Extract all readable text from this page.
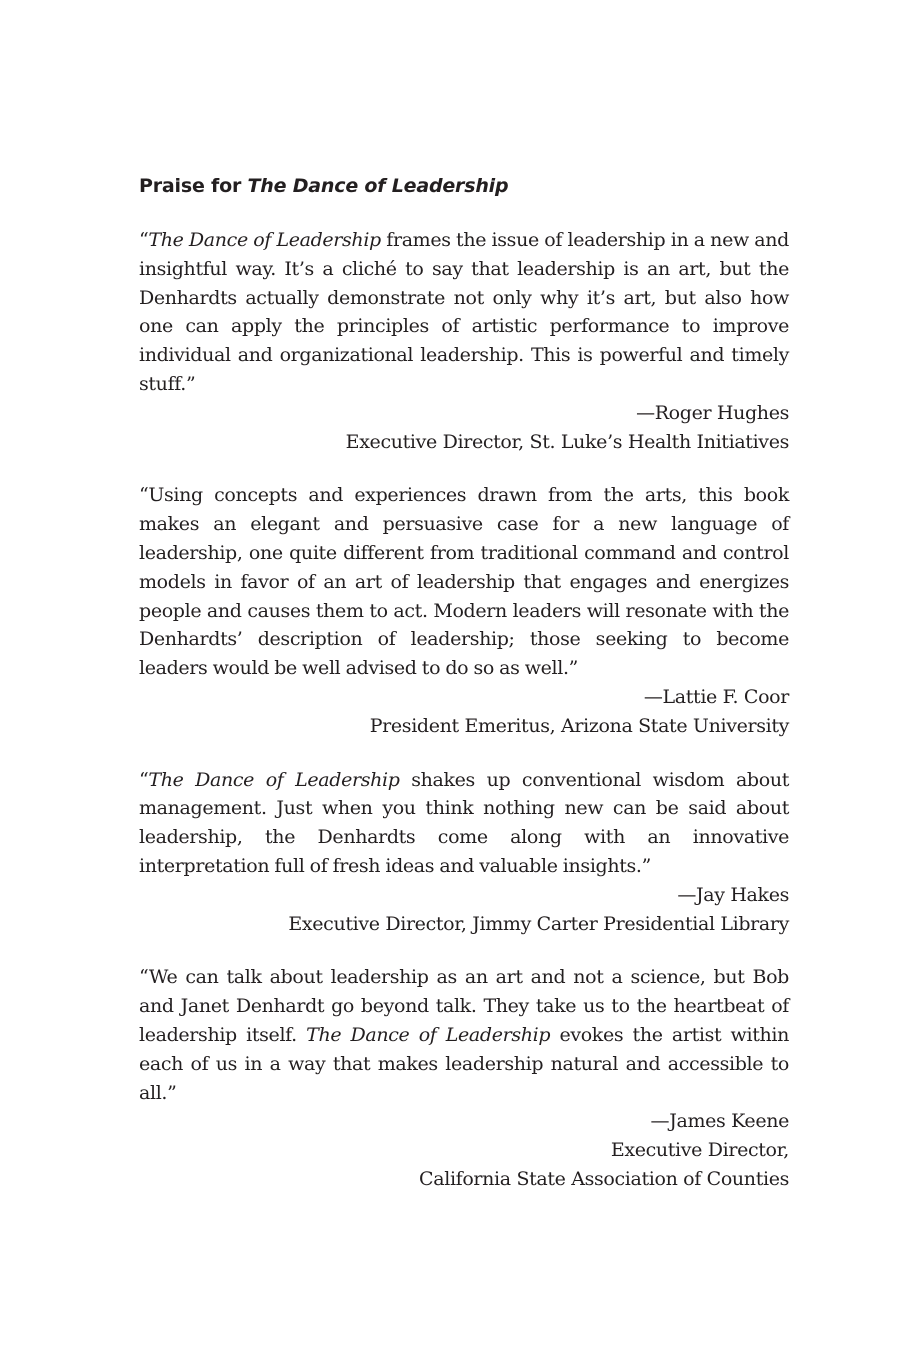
Praise for The Dance of Leadership

“The Dance of Leadership frames the issue of leadership in a new and insightful way. It’s a cliché to say that leadership is an art, but the Denhardts actually demonstrate not only why it’s art, but also how one can apply the principles of artistic performance to improve individual and organizational leadership. This is powerful and timely stuff.”

—Roger Hughes
Executive Director, St. Luke’s Health Initiatives

“Using concepts and experiences drawn from the arts, this book makes an elegant and persuasive case for a new language of leadership, one quite different from traditional command and control models in favor of an art of leadership that engages and energizes people and causes them to act. Modern leaders will resonate with the Denhardts’ description of leadership; those seeking to become leaders would be well advised to do so as well.”

—Lattie F. Coor
President Emeritus, Arizona State University

“The Dance of Leadership shakes up conventional wisdom about management. Just when you think nothing new can be said about leadership, the Denhardts come along with an innovative interpretation full of fresh ideas and valuable insights.”

—Jay Hakes
Executive Director, Jimmy Carter Presidential Library

“We can talk about leadership as an art and not a science, but Bob and Janet Denhardt go beyond talk. They take us to the heartbeat of leadership itself. The Dance of Leadership evokes the artist within each of us in a way that makes leadership natural and accessible to all.”

—James Keene
Executive Director,
California State Association of Counties
